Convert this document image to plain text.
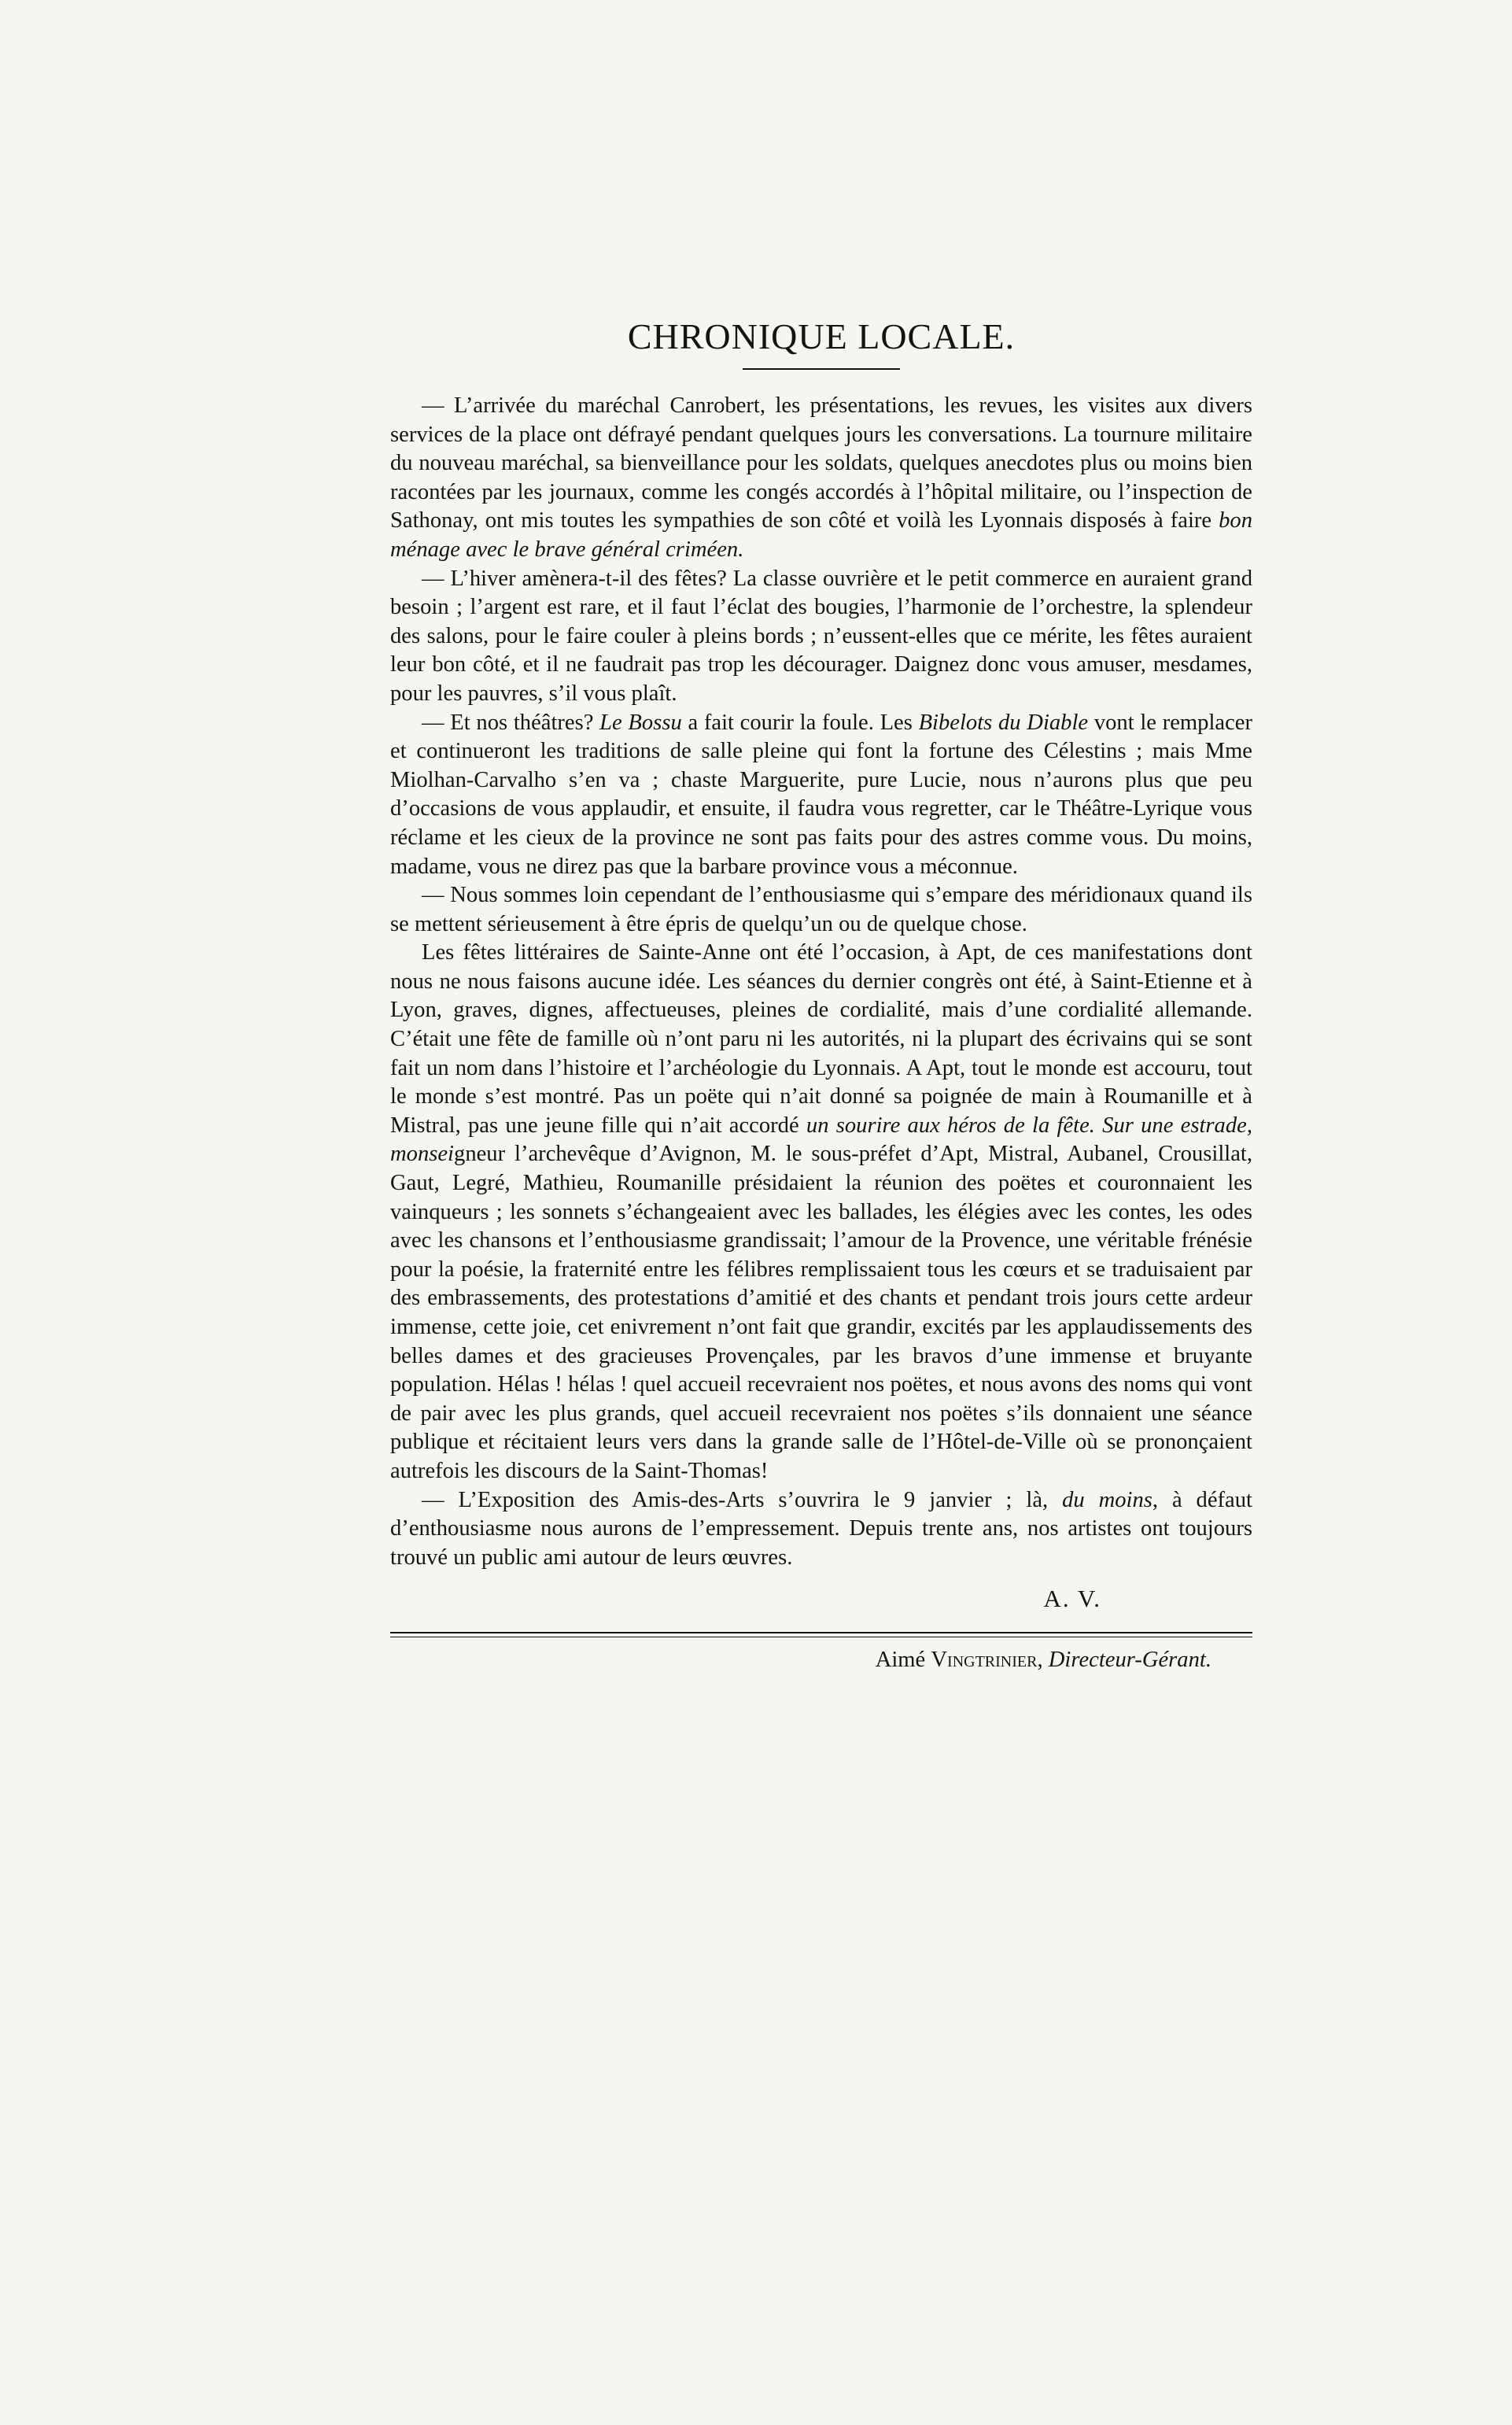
CHRONIQUE LOCALE.

— L’arrivée du maréchal Canrobert, les présentations, les revues, les visites aux divers services de la place ont défrayé pendant quelques jours les conversations. La tournure militaire du nouveau maréchal, sa bienveillance pour les soldats, quelques anecdotes plus ou moins bien racontées par les journaux, comme les congés accordés à l’hôpital militaire, ou l’inspection de Sathonay, ont mis toutes les sympathies de son côté et voilà les Lyonnais disposés à faire bon ménage avec le brave général criméen.

— L’hiver amènera-t-il des fêtes? La classe ouvrière et le petit commerce en auraient grand besoin ; l’argent est rare, et il faut l’éclat des bougies, l’harmonie de l’orchestre, la splendeur des salons, pour le faire couler à pleins bords ; n’eussent-elles que ce mérite, les fêtes auraient leur bon côté, et il ne faudrait pas trop les décourager. Daignez donc vous amuser, mesdames, pour les pauvres, s’il vous plaît.

— Et nos théâtres? Le Bossu a fait courir la foule. Les Bibelots du Diable vont le remplacer et continueront les traditions de salle pleine qui font la fortune des Célestins ; mais Mme Miolhan-Carvalho s’en va ; chaste Marguerite, pure Lucie, nous n’aurons plus que peu d’occasions de vous applaudir, et ensuite, il faudra vous regretter, car le Théâtre-Lyrique vous réclame et les cieux de la province ne sont pas faits pour des astres comme vous. Du moins, madame, vous ne direz pas que la barbare province vous a méconnue.

— Nous sommes loin cependant de l’enthousiasme qui s’empare des méridionaux quand ils se mettent sérieusement à être épris de quelqu’un ou de quelque chose.

Les fêtes littéraires de Sainte-Anne ont été l’occasion, à Apt, de ces manifestations dont nous ne nous faisons aucune idée. Les séances du dernier congrès ont été, à Saint-Etienne et à Lyon, graves, dignes, affectueuses, pleines de cordialité, mais d’une cordialité allemande. C’était une fête de famille où n’ont paru ni les autorités, ni la plupart des écrivains qui se sont fait un nom dans l’histoire et l’archéologie du Lyonnais. A Apt, tout le monde est accouru, tout le monde s’est montré. Pas un poëte qui n’ait donné sa poignée de main à Roumanille et à Mistral, pas une jeune fille qui n’ait accordé un sourire aux héros de la fête. Sur une estrade, monseigneur l’archevêque d’Avignon, M. le sous-préfet d’Apt, Mistral, Aubanel, Crousillat, Gaut, Legré, Mathieu, Roumanille présidaient la réunion des poëtes et couronnaient les vainqueurs ; les sonnets s’échangeaient avec les ballades, les élégies avec les contes, les odes avec les chansons et l’enthousiasme grandissait; l’amour de la Provence, une véritable frénésie pour la poésie, la fraternité entre les félibres remplissaient tous les cœurs et se traduisaient par des embrassements, des protestations d’amitié et des chants et pendant trois jours cette ardeur immense, cette joie, cet enivrement n’ont fait que grandir, excités par les applaudissements des belles dames et des gracieuses Provençales, par les bravos d’une immense et bruyante population. Hélas ! hélas ! quel accueil recevraient nos poëtes, et nous avons des noms qui vont de pair avec les plus grands, quel accueil recevraient nos poëtes s’ils donnaient une séance publique et récitaient leurs vers dans la grande salle de l’Hôtel-de-Ville où se prononçaient autrefois les discours de la Saint-Thomas!

— L’Exposition des Amis-des-Arts s’ouvrira le 9 janvier ; là, du moins, à défaut d’enthousiasme nous aurons de l’empressement. Depuis trente ans, nos artistes ont toujours trouvé un public ami autour de leurs œuvres.

A. V.
Aimé Vingtrinier, Directeur-Gérant.
